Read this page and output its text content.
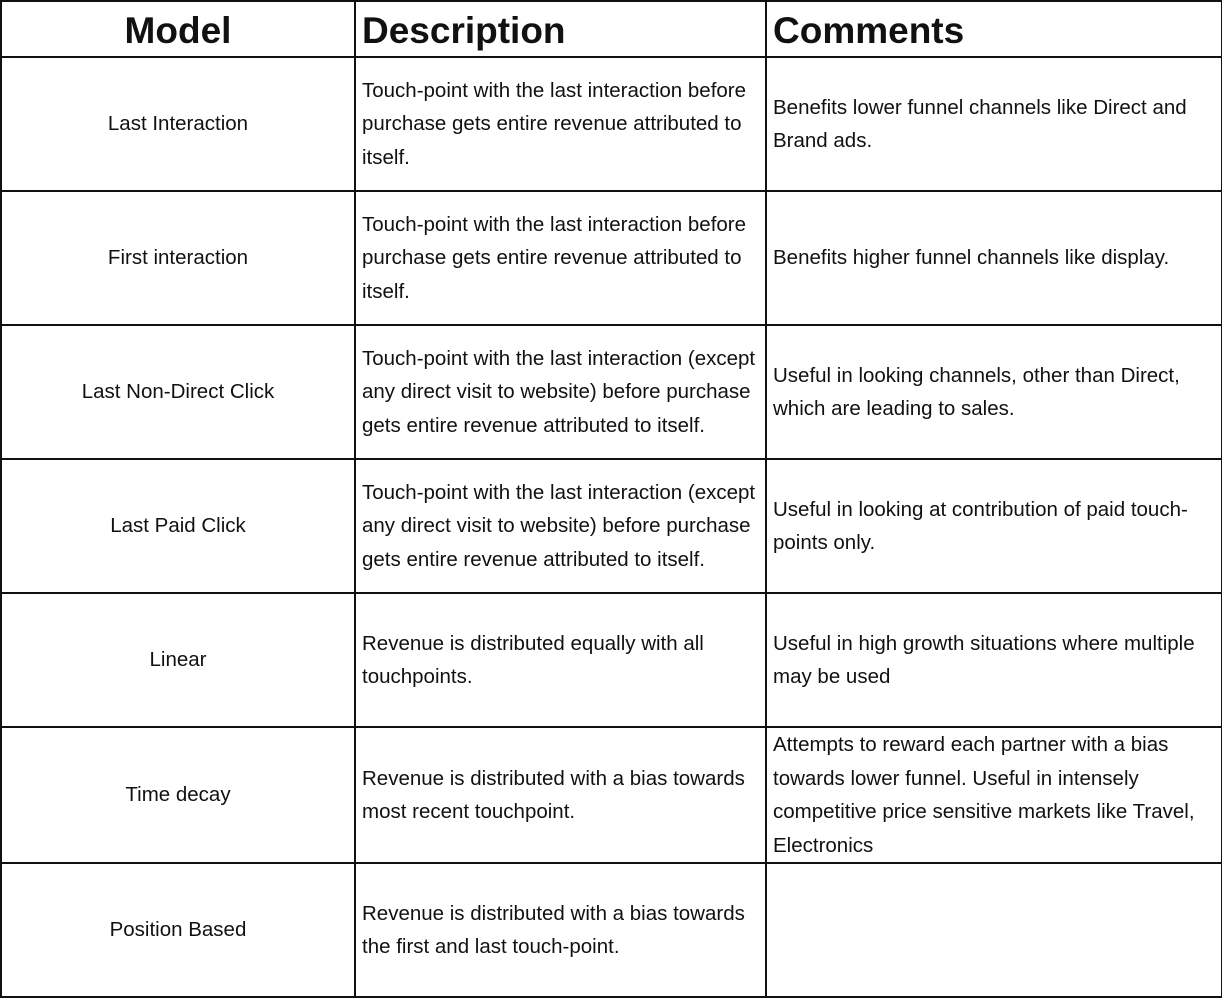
Model	Description	Comments
Last Interaction	Touch-point with the last interaction before purchase gets entire revenue attributed to itself.	Benefits lower funnel channels like Direct and Brand ads.
First interaction	Touch-point with the last interaction before purchase gets entire revenue attributed to itself.	Benefits higher funnel channels like display.
Last Non-Direct Click	Touch-point with the last interaction (except any direct visit to website) before purchase gets entire revenue attributed to itself.	Useful in looking channels, other than Direct, which are leading to sales.
Last Paid Click	Touch-point with the last interaction (except any direct visit to website) before purchase gets entire revenue attributed to itself.	Useful in looking at contribution of paid touch-points only.
Linear	Revenue is distributed equally with all touchpoints.	Useful in high growth situations where multiple may be used
Time decay	Revenue is distributed with a bias towards most recent touchpoint.	Attempts to reward each partner with a bias towards lower funnel. Useful in intensely competitive price sensitive markets like Travel, Electronics
Position Based	Revenue is distributed with a bias towards the first and last touch-point.	
